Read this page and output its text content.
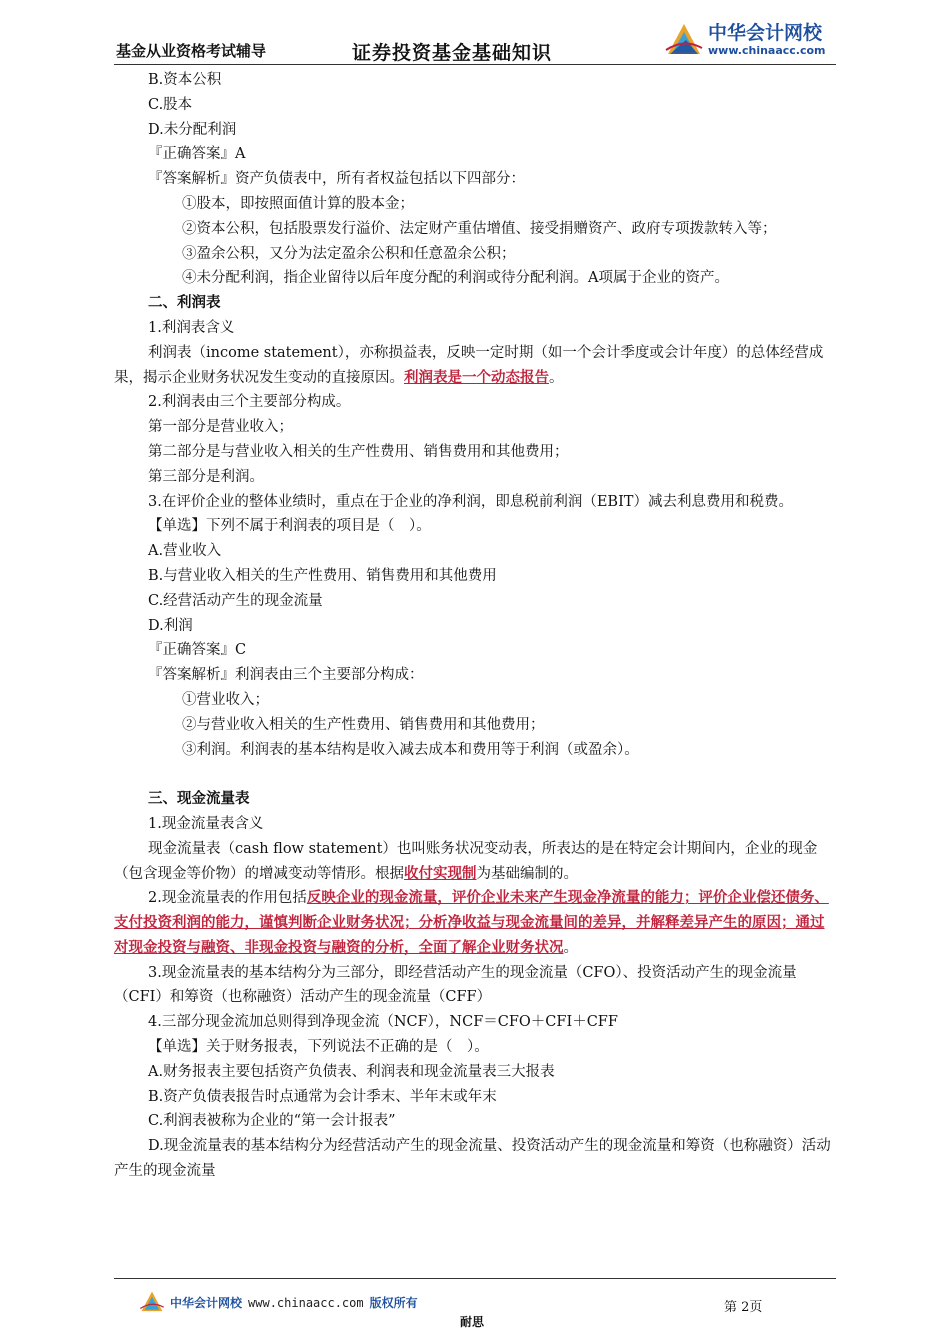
基金从业资格考试辅导	证券投资基金基础知识
中华会计网校
www.chinaacc.com

B.资本公积

C.股本

D.未分配利润

『正确答案』A

『答案解析』资产负债表中，所有者权益包括以下四部分：

①股本，即按照面值计算的股本金；

②资本公积，包括股票发行溢价、法定财产重估增值、接受捐赠资产、政府专项拨款转入等；

③盈余公积，又分为法定盈余公积和任意盈余公积；

④未分配利润，指企业留待以后年度分配的利润或待分配利润。A项属于企业的资产。

二、利润表

1.利润表含义

利润表（income statement），亦称损益表，反映一定时期（如一个会计季度或会计年度）的总体经营成果，揭示企业财务状况发生变动的直接原因。利润表是一个动态报告。

2.利润表由三个主要部分构成。

第一部分是营业收入；

第二部分是与营业收入相关的生产性费用、销售费用和其他费用；

第三部分是利润。

3.在评价企业的整体业绩时，重点在于企业的净利润，即息税前利润（EBIT）减去利息费用和税费。

【单选】下列不属于利润表的项目是（　）。

A.营业收入

B.与营业收入相关的生产性费用、销售费用和其他费用

C.经营活动产生的现金流量

D.利润

『正确答案』C

『答案解析』利润表由三个主要部分构成：

①营业收入；

②与营业收入相关的生产性费用、销售费用和其他费用；

③利润。利润表的基本结构是收入减去成本和费用等于利润（或盈余）。

三、现金流量表

1.现金流量表含义

现金流量表（cash flow statement）也叫账务状况变动表，所表达的是在特定会计期间内，企业的现金（包含现金等价物）的增减变动等情形。根据收付实现制为基础编制的。

2.现金流量表的作用包括反映企业的现金流量，评价企业未来产生现金净流量的能力；评价企业偿还债务、支付投资利润的能力，谨慎判断企业财务状况；分析净收益与现金流量间的差异，并解释差异产生的原因；通过对现金投资与融资、非现金投资与融资的分析，全面了解企业财务状况。

3.现金流量表的基本结构分为三部分，即经营活动产生的现金流量（CFO）、投资活动产生的现金流量（CFI）和筹资（也称融资）活动产生的现金流量（CFF）

4.三部分现金流加总则得到净现金流（NCF），NCF＝CFO＋CFI＋CFF

【单选】关于财务报表，下列说法不正确的是（　）。

A.财务报表主要包括资产负债表、利润表和现金流量表三大报表

B.资产负债表报告时点通常为会计季末、半年末或年末

C.利润表被称为企业的“第一会计报表”

D.现金流量表的基本结构分为经营活动产生的现金流量、投资活动产生的现金流量和筹资（也称融资）活动产生的现金流量

中华会计网校 www.chinaacc.com 版权所有	第 2页
耐思
